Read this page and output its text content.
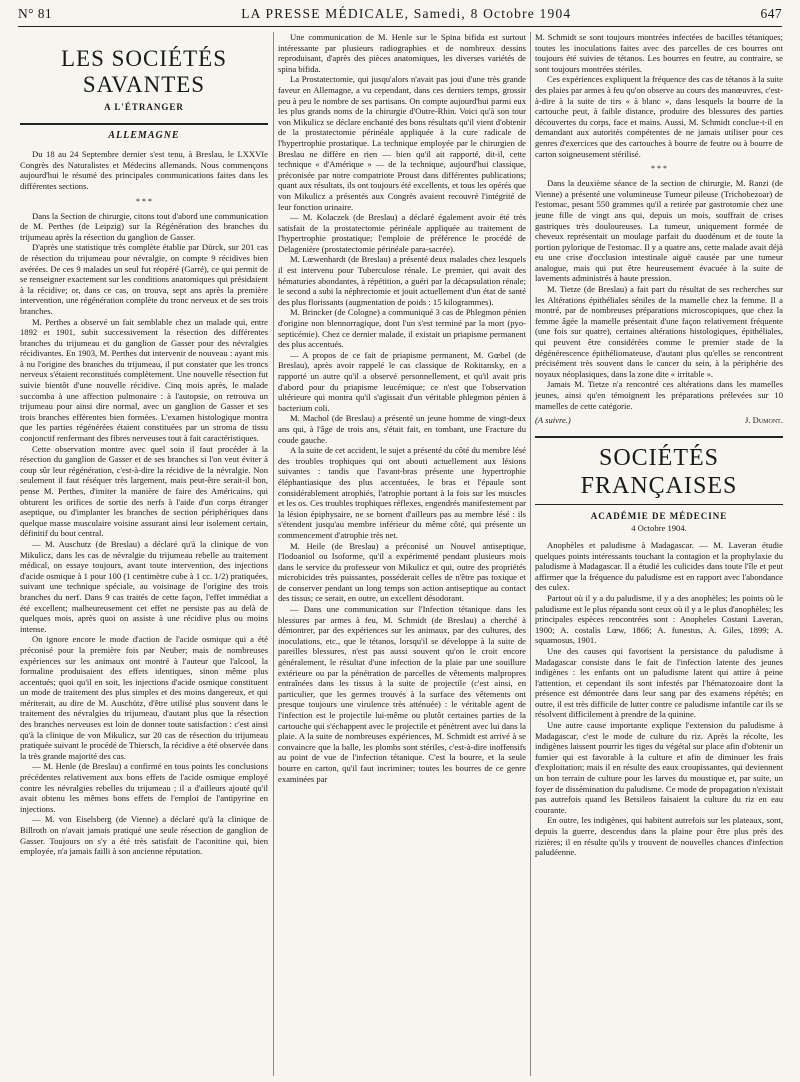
N° 81	LA PRESSE MÉDICALE, Samedi, 8 Octobre 1904	647
LES SOCIÉTÉS SAVANTES
A L'ÉTRANGER
ALLEMAGNE

Du 18 au 24 Septembre dernier s'est tenu, à Breslau, le LXXVIe Congrès des Naturalistes et Médecins allemands. Nous commençons aujourd'hui le résumé des principales communications faites dans les différentes sections.

* * *

Dans la Section de chirurgie, citons tout d'abord une communication de M. Perthes (de Leipzig) sur la Régénération des branches du trijumeau après la résection du ganglion de Gasser.

D'après une statistique très complète établie par Dürck, sur 201 cas de résection du trijumeau pour névralgie, on compte 9 récidives bien avérées. De ces 9 malades un seul fut réopéré (Garré), ce qui permit de se renseigner exactement sur les conditions anatomiques qui présidaient à la récidive; or, dans ce cas, on trouva, sept ans après la première intervention, une régénération complète du tronc nerveux et de ses trois branches.

M. Perthes a observé un fait semblable chez un malade qui, entre 1892 et 1901, subit successivement la résection des différentes branches du trijumeau et du ganglion de Gasser pour des névralgies récidivantes. En 1903, M. Perthes dut intervenir de nouveau : ayant mis à nu l'origine des branches du trijumeau, il put constater que les troncs nerveux s'étaient reconstitués complètement. Une nouvelle résection fut suivie bientôt d'une nouvelle récidive. Cinq mois après, le malade succomba à une affection pulmonaire : à l'autopsie, on retrouva un trijumeau pour ainsi dire normal, avec un ganglion de Gasser et ses trois branches efférentes bien formées. L'examen histologique montra que les parties régénérées étaient constituées par un stroma de tissu conjonctif renfermant des fibres nerveuses tout à fait caractéristiques.

Cette observation montre avec quel soin il faut procéder à la résection du ganglion de Gasser et de ses branches si l'on veut éviter à coup sûr leur régénération, c'est-à-dire la récidive de la névralgie. Non seulement il faut réséquer très largement, mais peut-être serait-il bon, pense M. Perthes, d'imiter la manière de faire des Américains, qui obturent les orifices de sortie des nerfs à l'aide d'un corps étranger aseptique, ou d'implanter les branches de section périphériques dans quelque masse musculaire voisine assurant ainsi leur isolement certain, définitif du bout central.

— M. Auschutz (de Breslau) a déclaré qu'à la clinique de von Mikulicz, dans les cas de névralgie du trijumeau rebelle au traitement médical, on essaye toujours, avant toute intervention, des injections d'acide osmique à 1 pour 100 (1 centimètre cube à 1 cc. 1/2) pratiquées, suivant une technique spéciale, au voisinage de l'origine des trois branches du nerf. Dans 9 cas traités de cette façon, l'effet immédiat a été excellent; malheureusement cet effet ne persiste pas au delà de quelques mois, après quoi on assiste à une récidive plus ou moins intense.

On ignore encore le mode d'action de l'acide osmique qui a été préconisé pour la première fois par Neuber; mais de nombreuses expériences sur les animaux ont montré à l'auteur que l'alcool, la formaline produisaient des effets identiques, sinon même plus accentués; quoi qu'il en soit, les injections d'acide osmique constituent un mode de traitement des plus simples et des moins dangereux, et qui mériterait, au dire de M. Auschütz, d'être utilisé plus souvent dans le traitement des névralgies du trijumeau, d'autant plus que la résection des branches nerveuses est loin de donner toute satisfaction : c'est ainsi qu'à la clinique de von Mikulicz, sur 20 cas de résection du trijumeau pratiquée suivant le procédé de Thiersch, la récidive a été observée dans la très grande majorité des cas.

— M. Henle (de Breslau) a confirmé en tous points les conclusions précédentes relativement aux bons effets de l'acide osmique employé contre les névralgies rebelles du trijumeau ; il a d'ailleurs ajouté qu'il avait obtenu les mêmes bons effets de l'emploi de l'antipyrine en injections.

— M. von Eiselsberg (de Vienne) a déclaré qu'à la clinique de Billroth on n'avait jamais pratiqué une seule résection de ganglion de Gasser. Toujours on s'y a été très satisfait de l'aconitine qui, bien employée, n'a jamais failli à son ancienne réputation.

Une communication de M. Henle sur le Spina bifida est surtout intéressante par plusieurs radiographies et de nombreux dessins reproduisant, d'après des pièces anatomiques, les diverses variétés de spina bifida.

La Prostatectomie, qui jusqu'alors n'avait pas joui d'une très grande faveur en Allemagne, a vu cependant, dans ces derniers temps, grossir peu à peu le nombre de ses partisans. On compte aujourd'hui parmi eux les plus grands noms de la chirurgie d'Outre-Rhin. Voici qu'à son tour von Mikulicz se déclare enchanté des bons résultats qu'il vient d'obtenir de la prostatectomie périnéale appliquée à la cure radicale de l'hypertrophie prostatique. La technique employée par le chirurgien de Breslau ne diffère en rien — bien qu'il ait rapporté, dit-il, cette technique « d'Amérique » — de la technique, aujourd'hui classique, préconisée par notre compatriote Proust dans différentes publications; quant aux résultats, ils ont toujours été excellents, et tous les opérés que von Mikulicz a présentés aux Congrès avaient recouvré l'intégrité de leur fonction urinaire.

— M. Kolaczek (de Breslau) a déclaré également avoir été très satisfait de la prostatectomie périnéale appliquée au traitement de l'hypertrophie prostatique; l'emploie de préférence le procédé de Delagenière (prostatectomie périnéale para-sacrée).

M. Lœwenhardt (de Breslau) a présenté deux malades chez lesquels il est intervenu pour Tuberculose rénale. Le premier, qui avait des hématuries abondantes, à répétition, a guéri par la décapsulation rénale; le second a subi la néphrectomie et jouit actuellement d'un état de santé des plus florissants (augmentation de poids : 15 kilogrammes).

M. Brincker (de Cologne) a communiqué 3 cas de Phlegmon pénien d'origine non blennorragique, dont l'un s'est terminé par la mort (pyo-septicémie). Chez ce dernier malade, il existait un priapisme permanent des plus accentués.

— A propos de ce fait de priapisme permanent, M. Gœbel (de Breslau), après avoir rappelé le cas classique de Rokitansky, en a rapporté un autre qu'il a observé personnellement, et qu'il avait pris d'abord pour du priapisme leucémique; ce n'est que l'observation ultérieure qui montra qu'il s'agissait d'un véritable phlegmon pénien à bacterium coli.

M. Machol (de Breslau) a présenté un jeune homme de vingt-deux ans qui, à l'âge de trois ans, s'était fait, en tombant, une Fracture du coude gauche.

A la suite de cet accident, le sujet a présenté du côté du membre lésé des troubles trophiques qui ont abouti actuellement aux lésions suivantes : tandis que l'avant-bras présente une hypertrophie éléphantiasique des plus accentuées, le bras et l'épaule sont considérablement atrophiés, l'atrophie portant à la fois sur les muscles et les os. Ces troubles trophiques réflexes, engendrés manifestement par la lésion épiphysaire, ne se bornent d'ailleurs pas au membre lésé : ils s'étendent jusqu'au membre inférieur du même côté, qui présente un commencement d'atrophie très net.

M. Heile (de Breslau) a préconisé un Nouvel antiseptique, l'Iodoaniol ou Isoforme, qu'il a expérimenté pendant plusieurs mois dans le service du professeur von Mikulicz et qui, outre des propriétés microbicides très puissantes, posséderait celles de n'être pas toxique et de conserver pendant un long temps son action antiseptique au contact des tissus; ce serait, en outre, un excellent désodorant.

— Dans une communication sur l'Infection tétanique dans les blessures par armes à feu, M. Schmidt (de Breslau) a cherché à démontrer, par des expériences sur les animaux, par des cultures, des inoculations, etc., que le tétanos, lorsqu'il se développe à la suite de pareilles blessures, n'est pas aussi souvent qu'on le croit encore généralement, le résultat d'une infection de la plaie par une souillure extérieure ou par la pénétration de parcelles de vêtements malpropres entraînées dans les tissus à la suite de projectile (c'est ainsi, en particulier, que les germes trouvés à la surface des vêtements ont presque toujours une virulence très atténuée) : le véritable agent de l'infection est le projectile lui-même ou plutôt certaines parties de la cartouche qui s'échappent avec le projectile et pénètrent avec lui dans la plaie. A la suite de nombreuses expériences, M. Schmidt est arrivé à se convaincre que la balle, les plombs sont stériles, c'est-à-dire inoffensifs au point de vue de l'infection tétanique. C'est la bourre, et la seule bourre en carton, qu'il faut incriminer; toutes les bourres de ce genre examinées par

M. Schmidt se sont toujours montrées infectées de bacilles tétaniques; toutes les inoculations faites avec des parcelles de ces bourres ont toujours été suivies de tétanos. Les bourres en feutre, au contraire, se sont toujours montrées stériles.

Ces expériences expliquent la fréquence des cas de tétanos à la suite des plaies par armes à feu qu'on observe au cours des manœuvres, c'est-à-dire à la suite de tirs « à blanc », dans lesquels la bourre de la cartouche peut, à faible distance, produire des blessures des parties découvertes du corps, face et mains. Aussi, M. Schmidt conclue-t-il en demandant aux autorités compétentes de ne jamais utiliser pour ces genres d'exercices que des cartouches à bourre de feutre ou à bourre de carton soigneusement stérilisé.

* * *

Dans la deuxième séance de la section de chirurgie, M. Ranzi (de Vienne) a présenté une volumineuse Tumeur pileuse (Trichobezoar) de l'estomac, pesant 550 grammes qu'il a retirée par gastrotomie chez une jeune fille de vingt ans qui, depuis un mois, souffrait de crises gastriques très douloureuses. La tumeur, uniquement formée de cheveux représentait un moulage parfait du duodénum et de toute la portion pylorique de l'estomac. Il y a quatre ans, cette malade avait déjà eu une crise d'occlusion intestinale aiguë causée par une tumeur analogue, mais qui put être heureusement évacuée à la suite de lavements administrés à haute pression.

M. Tietze (de Breslau) a fait part du résultat de ses recherches sur les Altérations épithéliales séniles de la mamelle chez la femme. Il a montré, par de nombreuses préparations microscopiques, que chez la femme âgée la mamelle présentait d'une façon relativement fréquente (une fois sur quatre), certaines altérations histologiques, épithéliales, qui peuvent être considérées comme le premier stade de la dégénérescence épithéliomateuse, d'autant plus qu'elles se rencontrent précisément très souvent dans le cancer du sein, à la périphérie des noyaux néoplasiques, dans la zone dite « irritable ».

Jamais M. Tietze n'a rencontré ces altérations dans les mamelles jeunes, ainsi qu'en témoignent les préparations prélevées sur 10 mamelles de cette catégorie.

(A suivre.)	J. Dumont.
SOCIÉTÉS FRANÇAISES
ACADÉMIE DE MÉDECINE
4 Octobre 1904.

Anophèles et paludisme à Madagascar. — M. Laveran étudie quelques points intéressants touchant la contagion et la prophylaxie du paludisme à Madagascar. Il a étudié les culicides dans toute l'île et peut affirmer que la fréquence du paludisme est en rapport avec l'abondance des culex.

Partout où il y a du paludisme, il y a des anophèles; les points où le paludisme est le plus répandu sont ceux où il y a le plus d'anophèles; les principales espèces rencontrées sont : Anopheles Costani Laveran, 1900; A. costalis Lœw, 1866; A. funestus, A. Giles, 1899; A. squamosus, 1901.

Une des causes qui favorisent la persistance du paludisme à Madagascar consiste dans le fait de l'infection latente des jeunes indigènes : les enfants ont un paludisme latent qui attire à peine l'attention, et cependant ils sont infestés par l'hématozoaire dont la présence est démontrée dans leur sang par des examens répétés; en outre, il est très difficile de lutter contre ce paludisme infantile car ils se résolvent difficilement à prendre de la quinine.

Une autre cause importante explique l'extension du paludisme à Madagascar, c'est le mode de culture du riz. Après la récolte, les indigènes laissent pourrir les tiges du végétal sur place afin d'obtenir un fumier qui est favorable à la culture et afin de diminuer les frais d'exploitation; mais il en résulte des eaux croupissantes, qui deviennent un bon terrain de culture pour les larves du moustique et, par suite, un foyer de dissémination du paludisme. Ce mode de propagation n'existait pas autrefois quand les Betsileos faisaient la culture du riz en eau courante.

En outre, les indigènes, qui habitent autrefois sur les plateaux, sont, depuis la guerre, descendus dans la plaine pour être plus près des rizières; il en résulte qu'ils y trouvent de nouvelles chances d'infection paludéenne.
